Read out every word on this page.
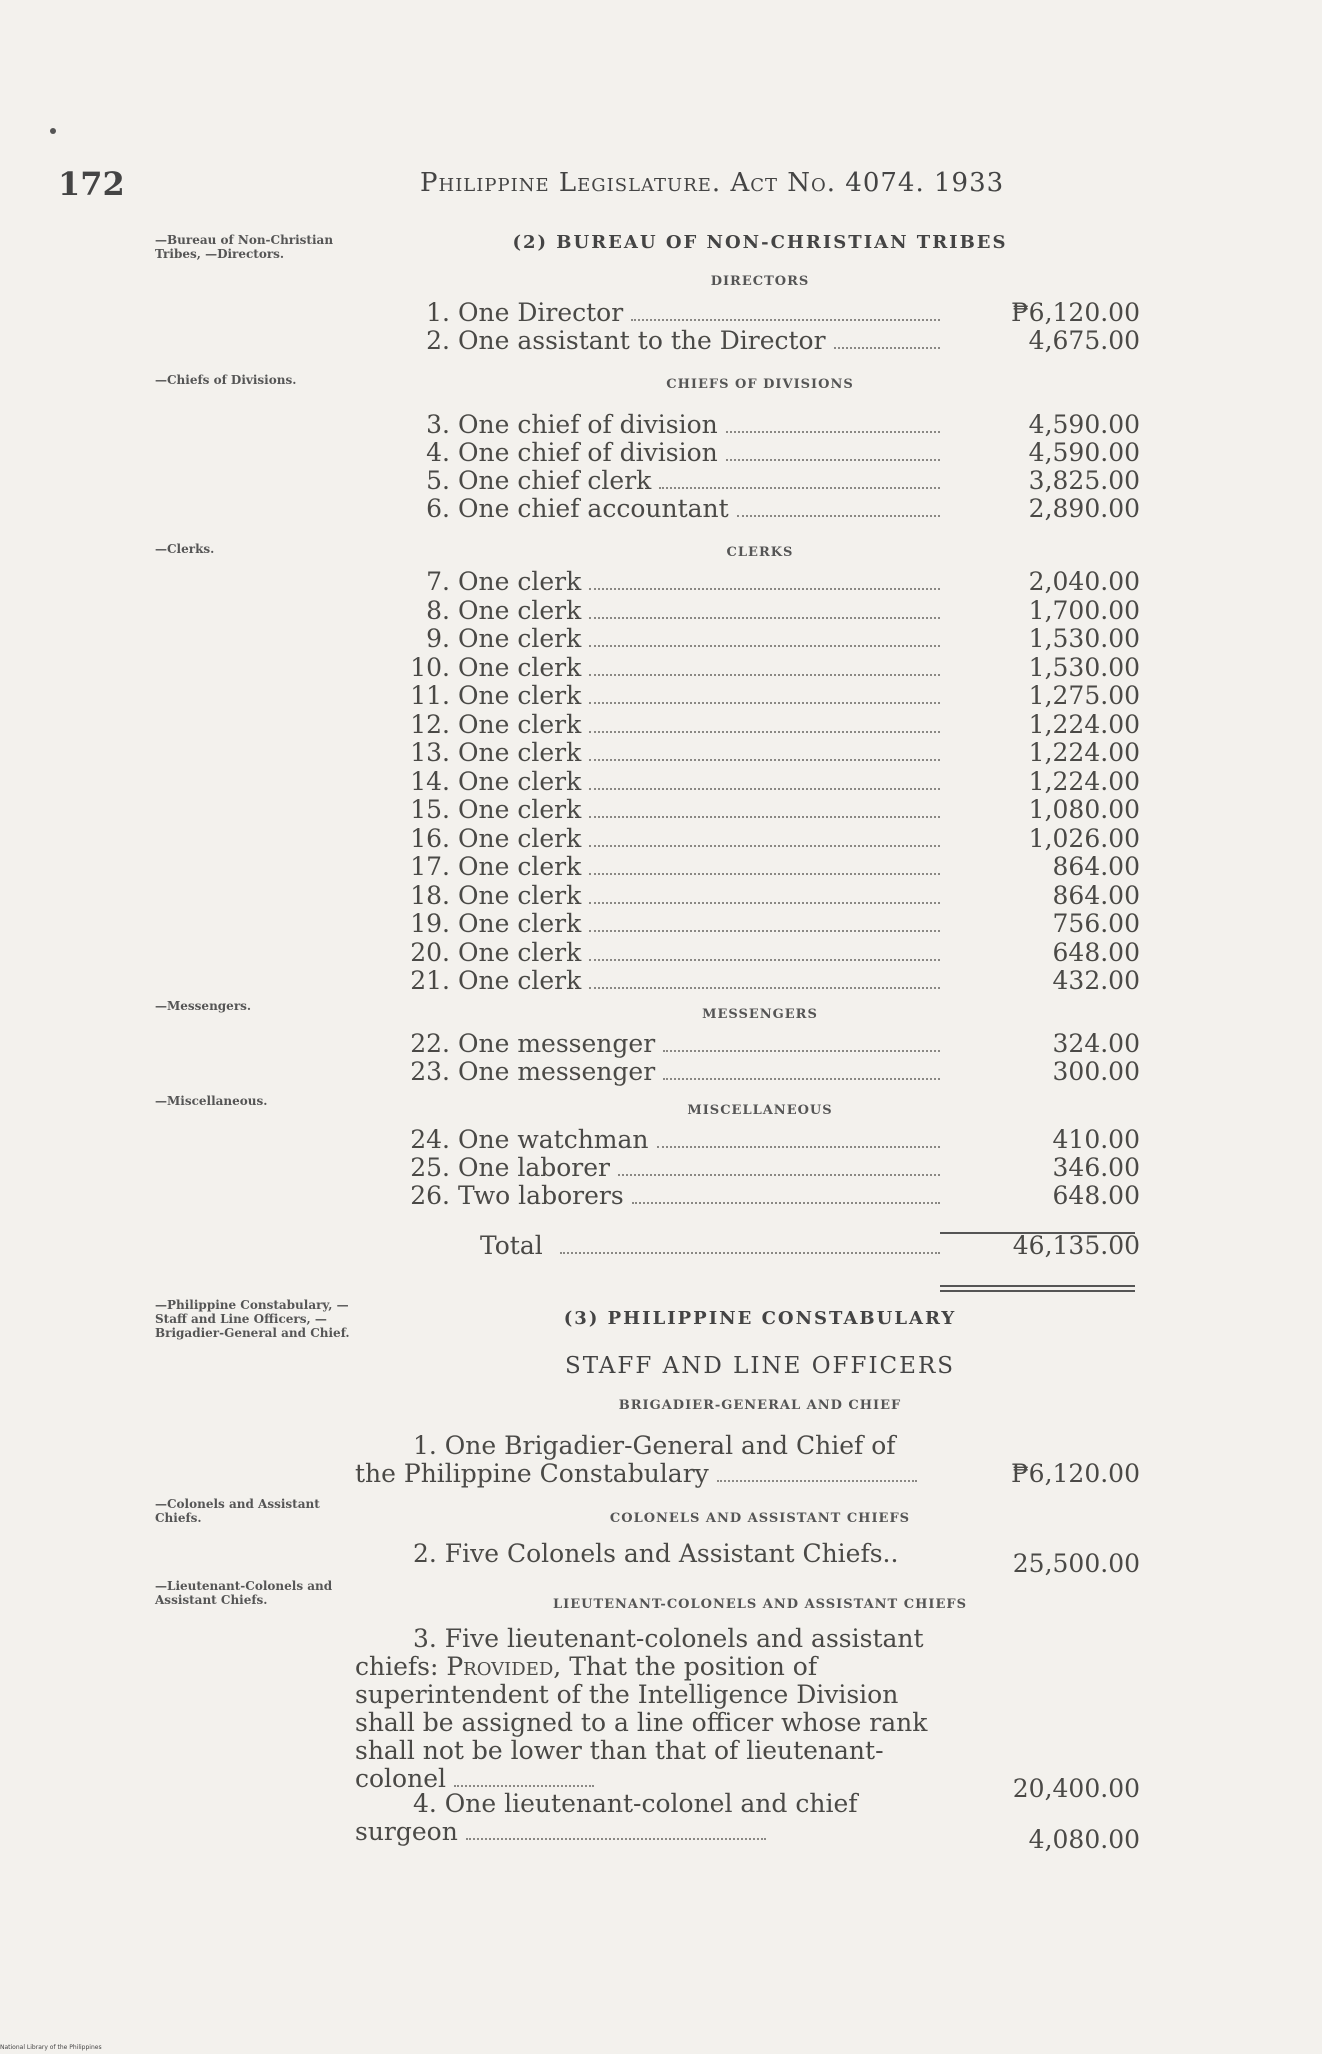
172	Philippine Legislature. Act No. 4074. 1933
—Bureau of Non-Christian Tribes, —Directors.
—Chiefs of Divisions.
—Clerks.
—Messengers.
—Miscellaneous.
—Philippine Constabulary, —Staff and Line Officers, —Brigadier-General and Chief.
—Colonels and Assistant Chiefs.
—Lieutenant-Colonels and Assistant Chiefs.
(2) BUREAU OF NON-CHRISTIAN TRIBES
DIRECTORS
1. One Director	₱6,120.00
2. One assistant to the Director	4,675.00
CHIEFS OF DIVISIONS
3. One chief of division	4,590.00
4. One chief of division	4,590.00
5. One chief clerk	3,825.00
6. One chief accountant	2,890.00
CLERKS
7. One clerk	2,040.00
8. One clerk	1,700.00
9. One clerk	1,530.00
10. One clerk	1,530.00
11. One clerk	1,275.00
12. One clerk	1,224.00
13. One clerk	1,224.00
14. One clerk	1,224.00
15. One clerk	1,080.00
16. One clerk	1,026.00
17. One clerk	864.00
18. One clerk	864.00
19. One clerk	756.00
20. One clerk	648.00
21. One clerk	432.00
MESSENGERS
22. One messenger	324.00
23. One messenger	300.00
MISCELLANEOUS
24. One watchman	410.00
25. One laborer	346.00
26. Two laborers	648.00
Total	46,135.00
(3) PHILIPPINE CONSTABULARY
STAFF AND LINE OFFICERS
BRIGADIER-GENERAL AND CHIEF
1. One Brigadier-General and Chief of the Philippine Constabulary	₱6,120.00
COLONELS AND ASSISTANT CHIEFS
2. Five Colonels and Assistant Chiefs..	25,500.00
LIEUTENANT-COLONELS AND ASSISTANT CHIEFS
3. Five lieutenant-colonels and assistant chiefs: Provided, That the position of superintendent of the Intelligence Division shall be assigned to a line officer whose rank shall not be lower than that of lieutenant-colonel	20,400.00
4. One lieutenant-colonel and chief surgeon	4,080.00
National Library of the Philippines
